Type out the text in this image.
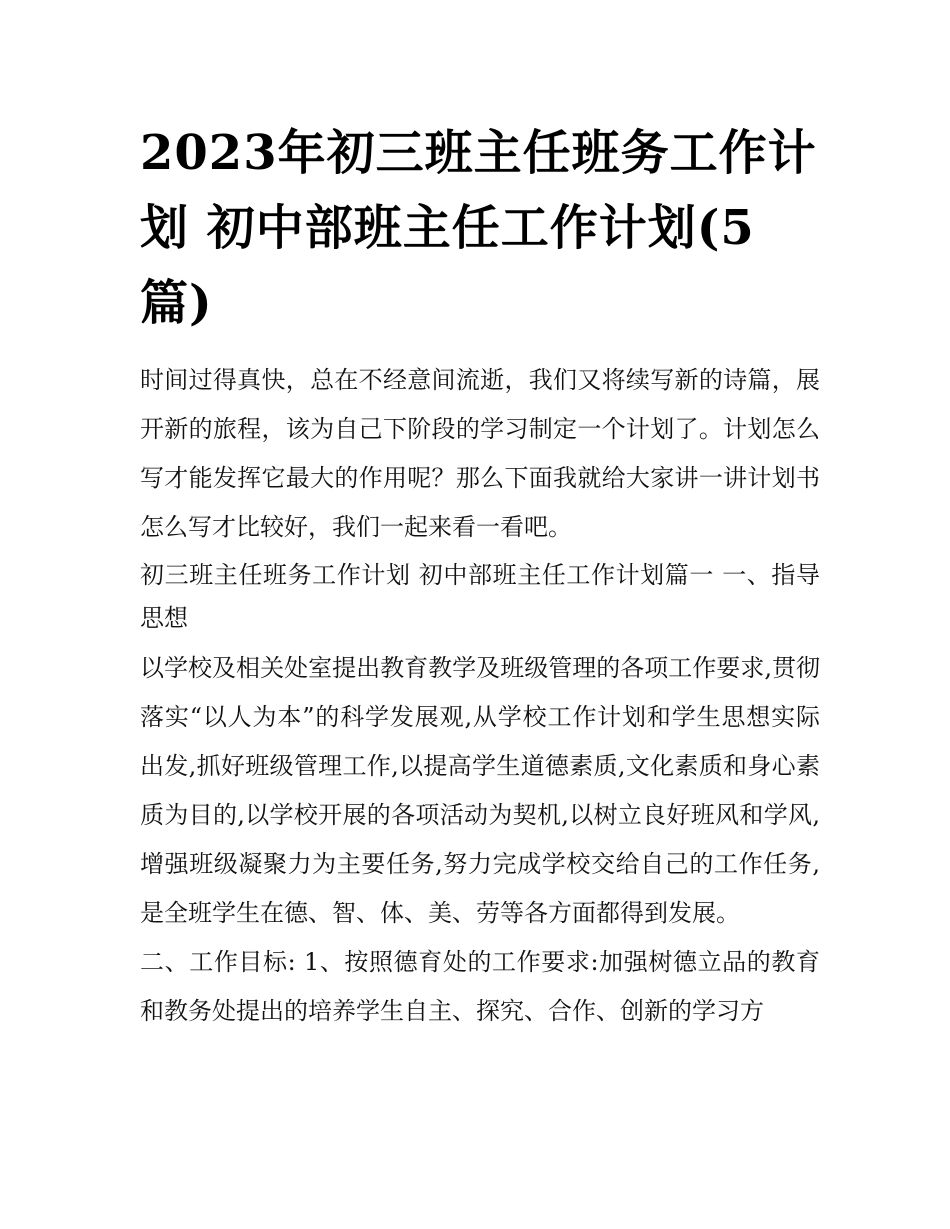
2023年初三班主任班务工作计划 初中部班主任工作计划(5篇)

时间过得真快，总在不经意间流逝，我们又将续写新的诗篇，展开新的旅程，该为自己下阶段的学习制定一个计划了。计划怎么写才能发挥它最大的作用呢？那么下面我就给大家讲一讲计划书怎么写才比较好，我们一起来看一看吧。

初三班主任班务工作计划 初中部班主任工作计划篇一 一、指导思想

以学校及相关处室提出教育教学及班级管理的各项工作要求,贯彻落实“以人为本”的科学发展观,从学校工作计划和学生思想实际出发,抓好班级管理工作,以提高学生道德素质,文化素质和身心素质为目的,以学校开展的各项活动为契机,以树立良好班风和学风,增强班级凝聚力为主要任务,努力完成学校交给自己的工作任务,是全班学生在德、智、体、美、劳等各方面都得到发展。

二、工作目标: 1、按照德育处的工作要求:加强树德立品的教育和教务处提出的培养学生自主、探究、合作、创新的学习方
